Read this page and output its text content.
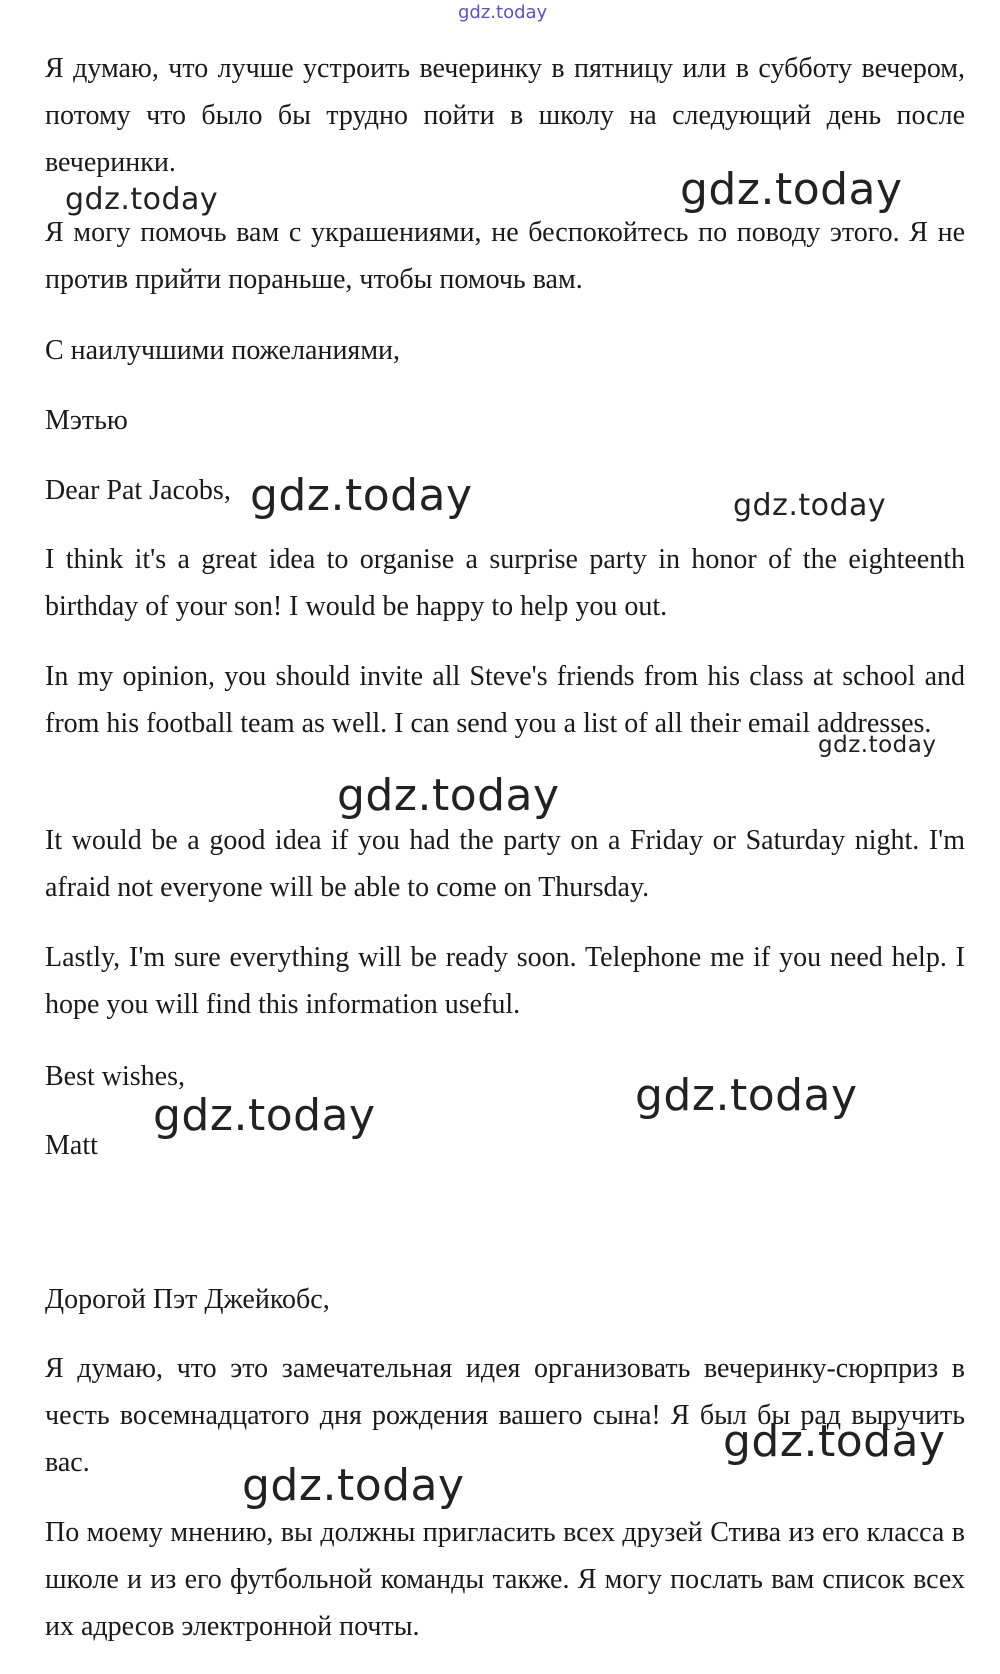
gdz.today

Я думаю, что лучше устроить вечеринку в пятницу или в субботу вечером, потому что было бы трудно пойти в школу на следующий день после вечеринки.

Я могу помочь вам с украшениями, не беспокойтесь по поводу этого. Я не против прийти пораньше, чтобы помочь вам.

С наилучшими пожеланиями,

Мэтью

Dear Pat Jacobs,

I think it's a great idea to organise a surprise party in honor of the eighteenth birthday of your son! I would be happy to help you out.

In my opinion, you should invite all Steve's friends from his class at school and from his football team as well. I can send you a list of all their email addresses.

It would be a good idea if you had the party on a Friday or Saturday night. I'm afraid not everyone will be able to come on Thursday.

Lastly, I'm sure everything will be ready soon. Telephone me if you need help. I hope you will find this information useful.

Best wishes,

Matt

Дорогой Пэт Джейкобс,

Я думаю, что это замечательная идея организовать вечеринку-сюрприз в честь восемнадцатого дня рождения вашего сына! Я был бы рад выручить вас.

По моему мнению, вы должны пригласить всех друзей Стива из его класса в школе и из его футбольной команды также. Я могу послать вам список всех их адресов электронной почты.

gdz.today	gdz.today
gdz.today	gdz.today
gdz.today
gdz.today
gdz.today
gdz.today
gdz.today
gdz.today
